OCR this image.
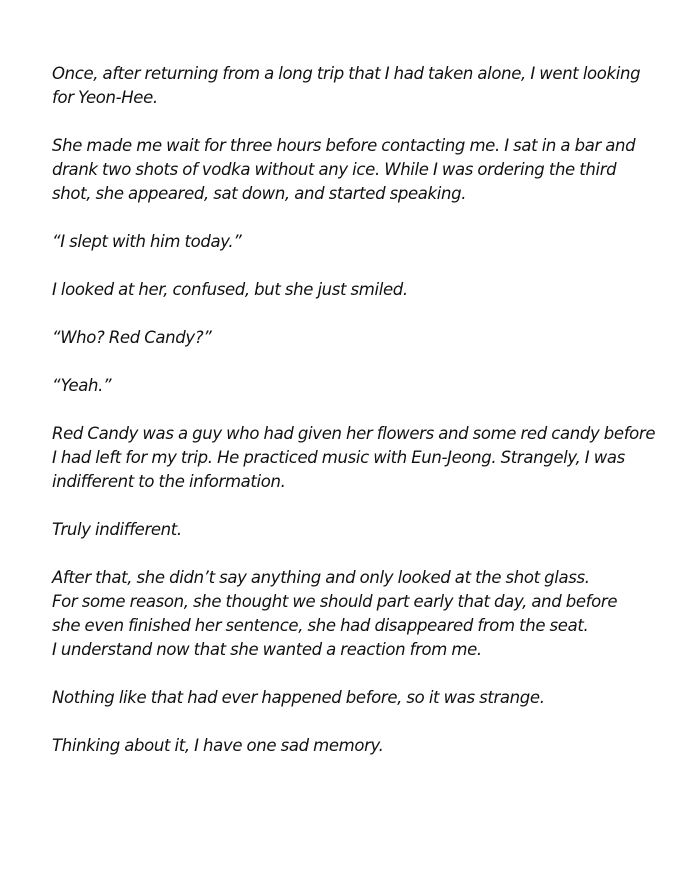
Once, after returning from a long trip that I had taken alone, I went looking
for Yeon-Hee.

She made me wait for three hours before contacting me. I sat in a bar and
drank two shots of vodka without any ice. While I was ordering the third
shot, she appeared, sat down, and started speaking.

“I slept with him today.”

I looked at her, confused, but she just smiled.

“Who? Red Candy?”

“Yeah.”

Red Candy was a guy who had given her flowers and some red candy before
I had left for my trip. He practiced music with Eun-Jeong. Strangely, I was
indifferent to the information.

Truly indifferent.

After that, she didn’t say anything and only looked at the shot glass.
For some reason, she thought we should part early that day, and before
she even finished her sentence, she had disappeared from the seat.
I understand now that she wanted a reaction from me.

Nothing like that had ever happened before, so it was strange.

Thinking about it, I have one sad memory.
